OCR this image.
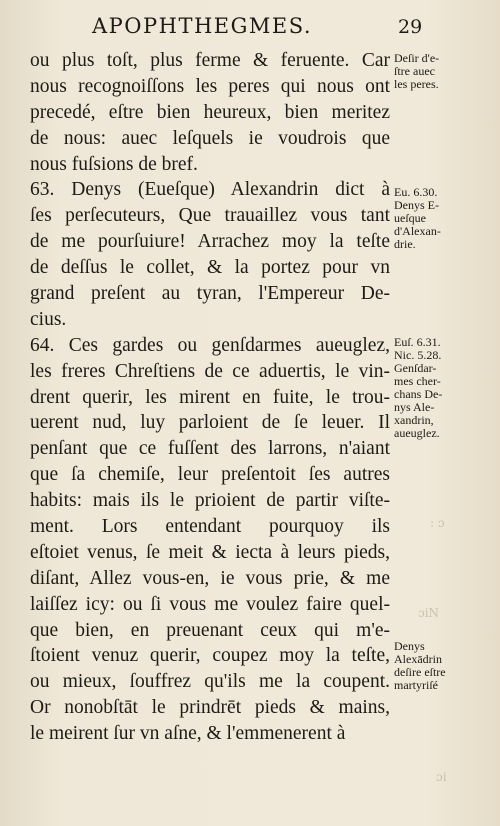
APOPHTHEGMES.	29
: ɔ
ɔiN
ɔi
ou plus toſt, plus ferme & feruente. Car
nous recognoiſſons les peres qui nous ont
precedé, eſtre bien heureux, bien meritez
de nous: auec leſquels ie voudrois que
nous fuſsions de bref.
63. Denys (Eueſque) Alexandrin dict à
ſes perſecuteurs, Que trauaillez vous tant
de me pourſuiure! Arrachez moy la teſte
de deſſus le collet, & la portez pour vn
grand preſent au tyran, l'Empereur De-
cius.
64. Ces gardes ou genſdarmes aueuglez,
les freres Chreſtiens de ce aduertis, le vin-
drent querir, les mirent en fuite, le trou-
uerent nud, luy parloient de ſe leuer. Il
penſant que ce fuſſent des larrons, n'aiant
que ſa chemiſe, leur preſentoit ſes autres
habits: mais ils le prioient de partir viſte-
ment. Lors entendant pourquoy ils
eſtoiet venus, ſe meit & iecta à leurs pieds,
diſant, Allez vous-en, ie vous prie, & me
laiſſez icy: ou ſi vous me voulez faire quel-
que bien, en preuenant ceux qui m'e-
ſtoient venuz querir, coupez moy la teſte,
ou mieux, ſouffrez qu'ils me la coupent.
Or nonobſtāt le prindrēt pieds & mains,
le meirent ſur vn aſne, & l'emmenerent à
Deſir d'e-
ſtre auec
les peres.
Eu. 6.30.
Denys E-
ueſque
d'Alexan-
drie.
Euſ. 6.31.
Nic. 5.28.
Genſdar-
mes cher-
chans De-
nys Ale-
xandrin,
aueuglez.
Denys
Alexādrin
deſire eſtre
martyriſé
